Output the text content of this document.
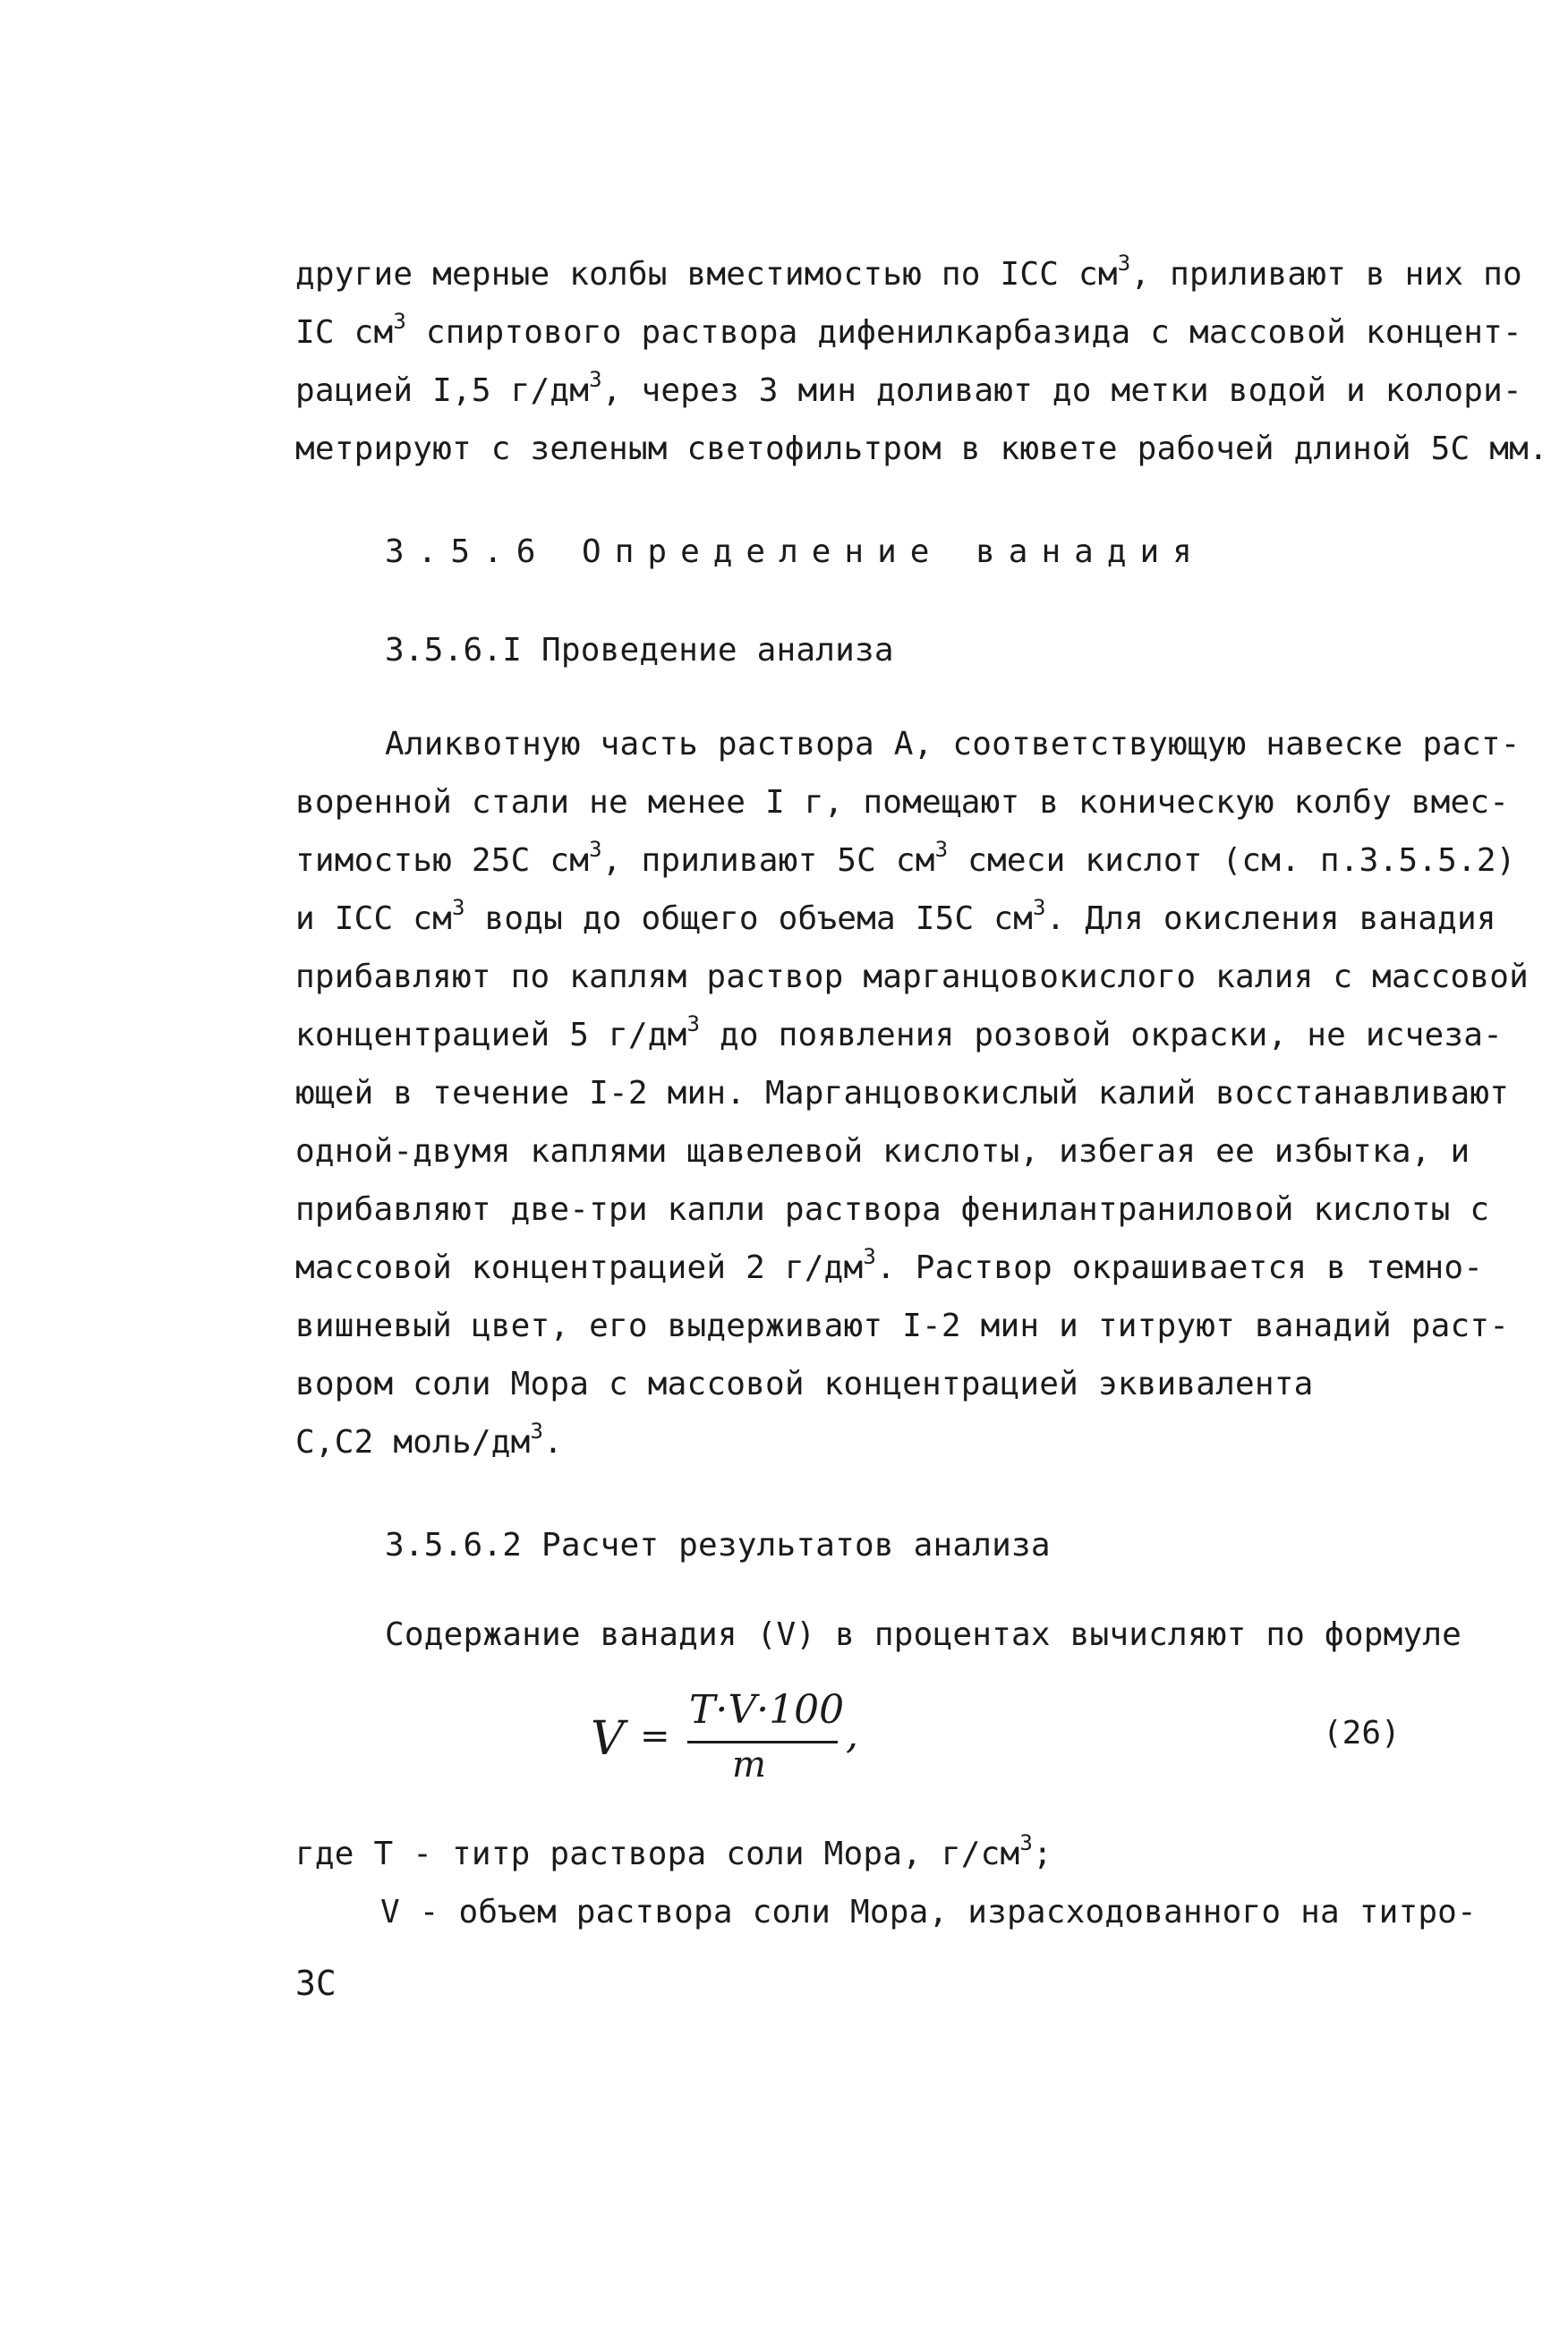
другие мерные колбы вместимостью по IСС $см^3$, приливают в них по
IС $см^3$ спиртового раствора дифенилкарбазида с массовой концент-
рацией I,5 $г/дм^3$, через 3 мин доливают до метки водой и колори-
метрируют с зеленым светофильтром в кювете рабочей длиной 5С мм.
3.5.6 Определение ванадия
3.5.6.I Проведение анализа
Аликвотную часть раствора А, соответствующую навеске раст-
воренной стали не менее I г, помещают в коническую колбу вмес-
тимостью 25С $см^3$, приливают 5С $см^3$ смеси кислот (см. п.3.5.5.2)
и IСС $см^3$ воды до общего объема I5С $см^3$. Для окисления ванадия
прибавляют по каплям раствор марганцовокислого калия с массовой
концентрацией 5 $г/дм^3$ до появления розовой окраски, не исчеза-
ющей в течение I-2 мин. Марганцовокислый калий восстанавливают
одной-двумя каплями щавелевой кислоты, избегая ее избытка, и
прибавляют две-три капли раствора фенилантраниловой кислоты с
массовой концентрацией 2 $г/дм^3$. Раствор окрашивается в темно-
вишневый цвет, его выдерживают I-2 мин и титруют ванадий раст-
вором соли Мора с массовой концентрацией эквивалента
С,С2 моль/$дм^3$.
3.5.6.2 Расчет результатов анализа
Содержание ванадия (V) в процентах вычисляют по формуле
V =
T·V·100
m
,	(26)
где Т - титр раствора соли Мора, $г/см^3$;
V - объем раствора соли Мора, израсходованного на титро-
3С
